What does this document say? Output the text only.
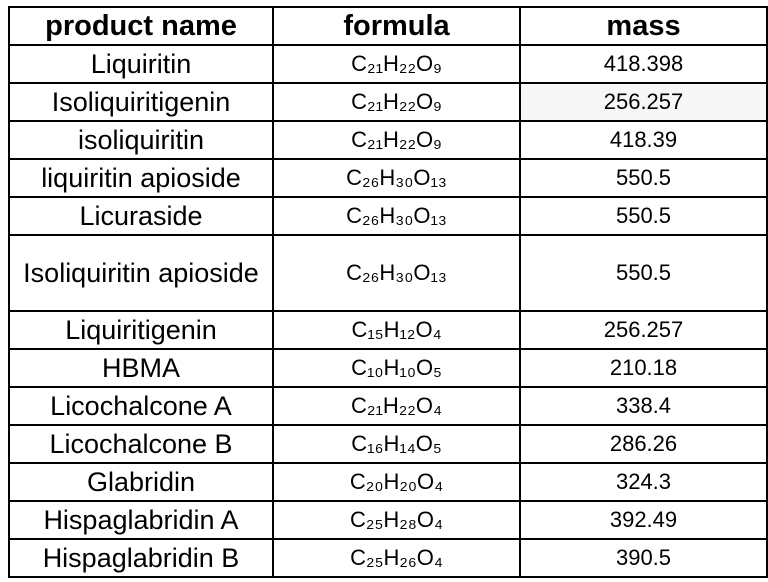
product name	formula	mass
Liquiritin	C₂₁H₂₂O₉	418.398
Isoliquiritigenin	C₂₁H₂₂O₉	256.257
isoliquiritin	C₂₁H₂₂O₉	418.39
liquiritin apioside	C₂₆H₃₀O₁₃	550.5
Licuraside	C₂₆H₃₀O₁₃	550.5
Isoliquiritin apioside	C₂₆H₃₀O₁₃	550.5
Liquiritigenin	C₁₅H₁₂O₄	256.257
HBMA	C₁₀H₁₀O₅	210.18
Licochalcone A	C₂₁H₂₂O₄	338.4
Licochalcone B	C₁₆H₁₄O₅	286.26
Glabridin	C₂₀H₂₀O₄	324.3
Hispaglabridin A	C₂₅H₂₈O₄	392.49
Hispaglabridin B	C₂₅H₂₆O₄	390.5
